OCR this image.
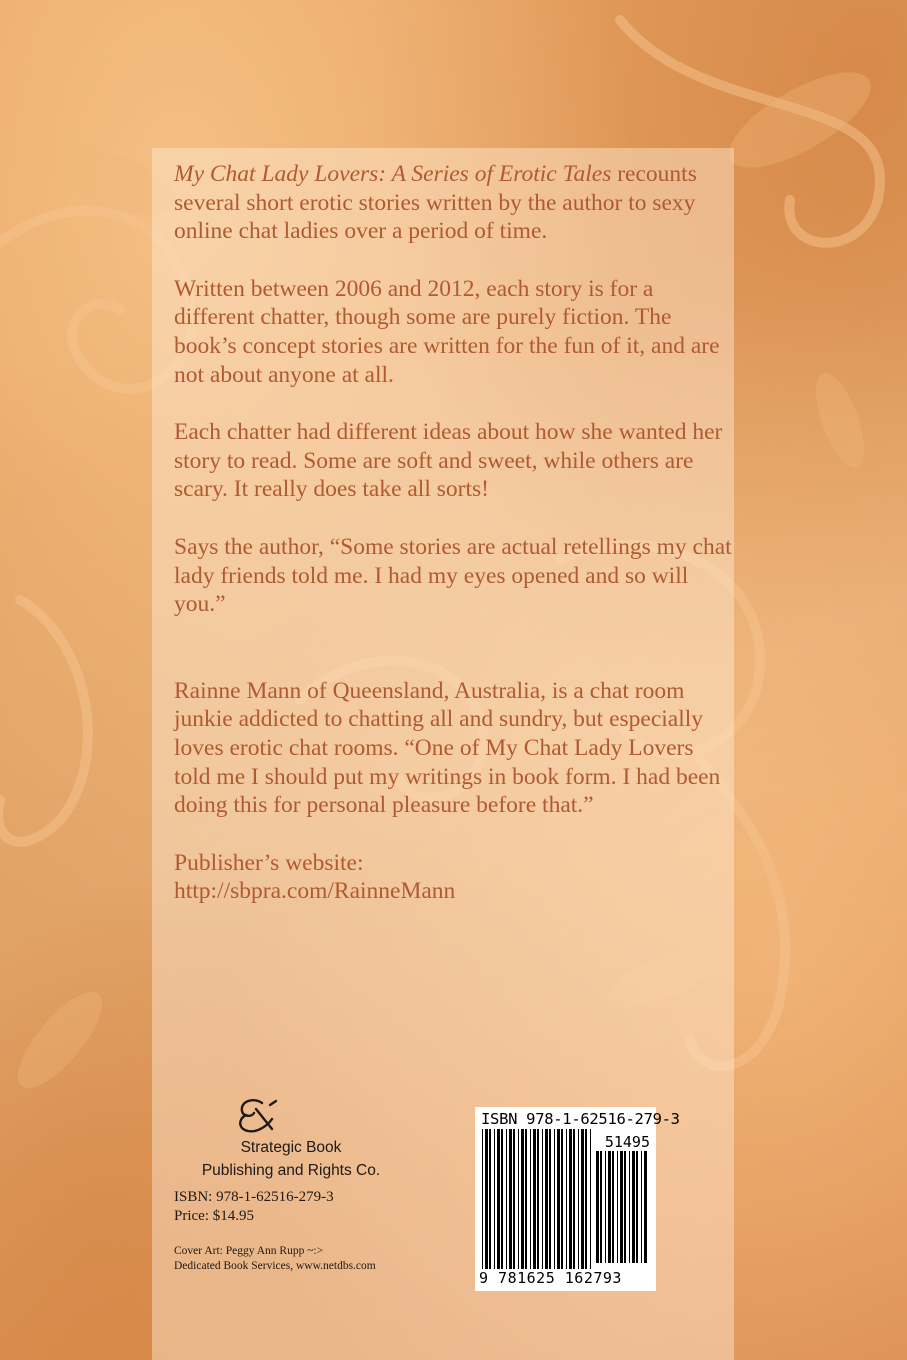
My Chat Lady Lovers: A Series of Erotic Tales recounts several short erotic stories written by the author to sexy online chat ladies over a period of time.

Written between 2006 and 2012, each story is for a different chatter, though some are purely fiction. The book’s concept stories are written for the fun of it, and are not about anyone at all.

Each chatter had different ideas about how she wanted her story to read. Some are soft and sweet, while others are scary. It really does take all sorts!

Says the author, “Some stories are actual retellings my chat lady friends told me. I had my eyes opened and so will you.”

Rainne Mann of Queensland, Australia, is a chat room junkie addicted to chatting all and sundry, but especially loves erotic chat rooms. “One of My Chat Lady Lovers told me I should put my writings in book form. I had been doing this for personal pleasure before that.”

Publisher’s website:
http://sbpra.com/RainneMann

Strategic Book
Publishing and Rights Co.
ISBN: 978-1-62516-279-3
Price: $14.95
Cover Art: Peggy Ann Rupp ~:>
Dedicated Book Services, www.netdbs.com
ISBN 978-1-62516-279-3
51495
9 781625 162793
